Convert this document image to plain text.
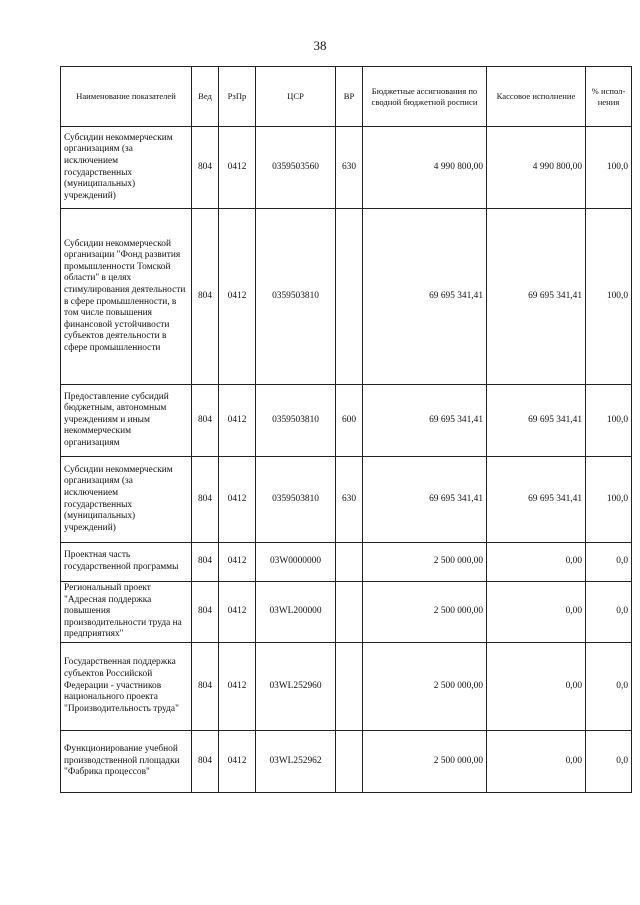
38
Наименование показателей	Вед	РзПр	ЦСР	ВР	Бюджетные ассигнования по сводной бюджетной росписи	Кассовое исполнение	% испол-нения
Субсидии некоммерческим организациям (за исключением государственных (муниципальных) учреждений)	804	0412	0359503560	630	4 990 800,00	4 990 800,00	100,0
Субсидии некоммерческой организации "Фонд развития промышленности Томской области" в целях стимулирования деятельности в сфере промышленности, в том числе повышения финансовой устойчивости субъектов деятельности в сфере промышленности	804	0412	0359503810		69 695 341,41	69 695 341,41	100,0
Предоставление субсидий бюджетным, автономным учреждениям и иным некоммерческим организациям	804	0412	0359503810	600	69 695 341,41	69 695 341,41	100,0
Субсидии некоммерческим организациям (за исключением государственных (муниципальных) учреждений)	804	0412	0359503810	630	69 695 341,41	69 695 341,41	100,0
Проектная часть государственной программы	804	0412	03W0000000		2 500 000,00	0,00	0,0
Региональный проект "Адресная поддержка повышения производительности труда на предприятиях"	804	0412	03WL200000		2 500 000,00	0,00	0,0
Государственная поддержка субъектов Российской Федерации - участников национального проекта "Производительность труда"	804	0412	03WL252960		2 500 000,00	0,00	0,0
Функционирование учебной производственной площадки "Фабрика процессов"	804	0412	03WL252962		2 500 000,00	0,00	0,0
